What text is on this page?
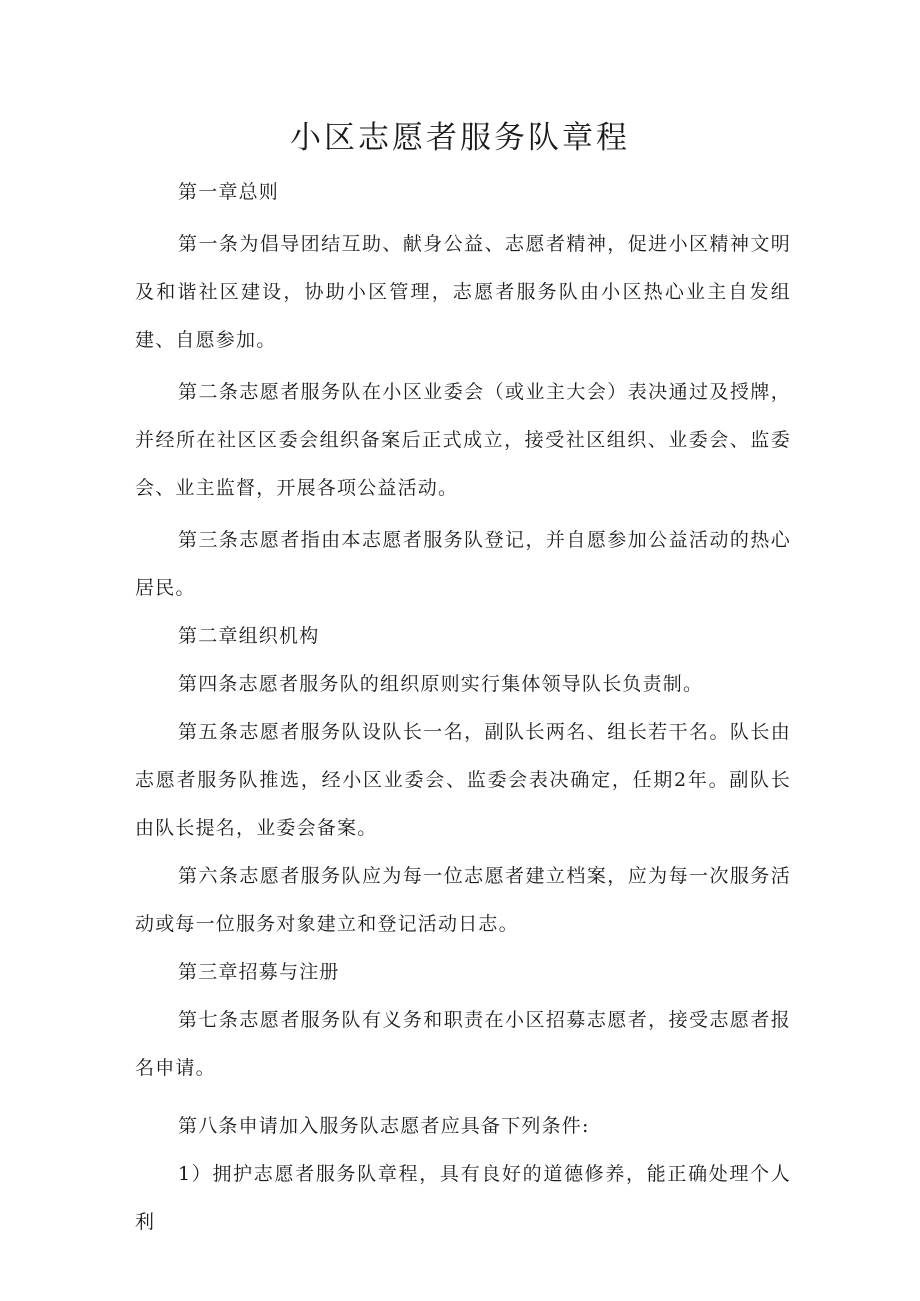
小区志愿者服务队章程

第一章总则

第一条为倡导团结互助、献身公益、志愿者精神，促进小区精神文明及和谐社区建设，协助小区管理，志愿者服务队由小区热心业主自发组建、自愿参加。

第二条志愿者服务队在小区业委会（或业主大会）表决通过及授牌，并经所在社区区委会组织备案后正式成立，接受社区组织、业委会、监委会、业主监督，开展各项公益活动。

第三条志愿者指由本志愿者服务队登记，并自愿参加公益活动的热心居民。

第二章组织机构

第四条志愿者服务队的组织原则实行集体领导队长负责制。

第五条志愿者服务队设队长一名，副队长两名、组长若干名。队长由志愿者服务队推选，经小区业委会、监委会表决确定，任期2年。副队长由队长提名，业委会备案。

第六条志愿者服务队应为每一位志愿者建立档案，应为每一次服务活动或每一位服务对象建立和登记活动日志。

第三章招募与注册

第七条志愿者服务队有义务和职责在小区招募志愿者，接受志愿者报名申请。

第八条申请加入服务队志愿者应具备下列条件:

1）拥护志愿者服务队章程，具有良好的道德修养，能正确处理个人利
